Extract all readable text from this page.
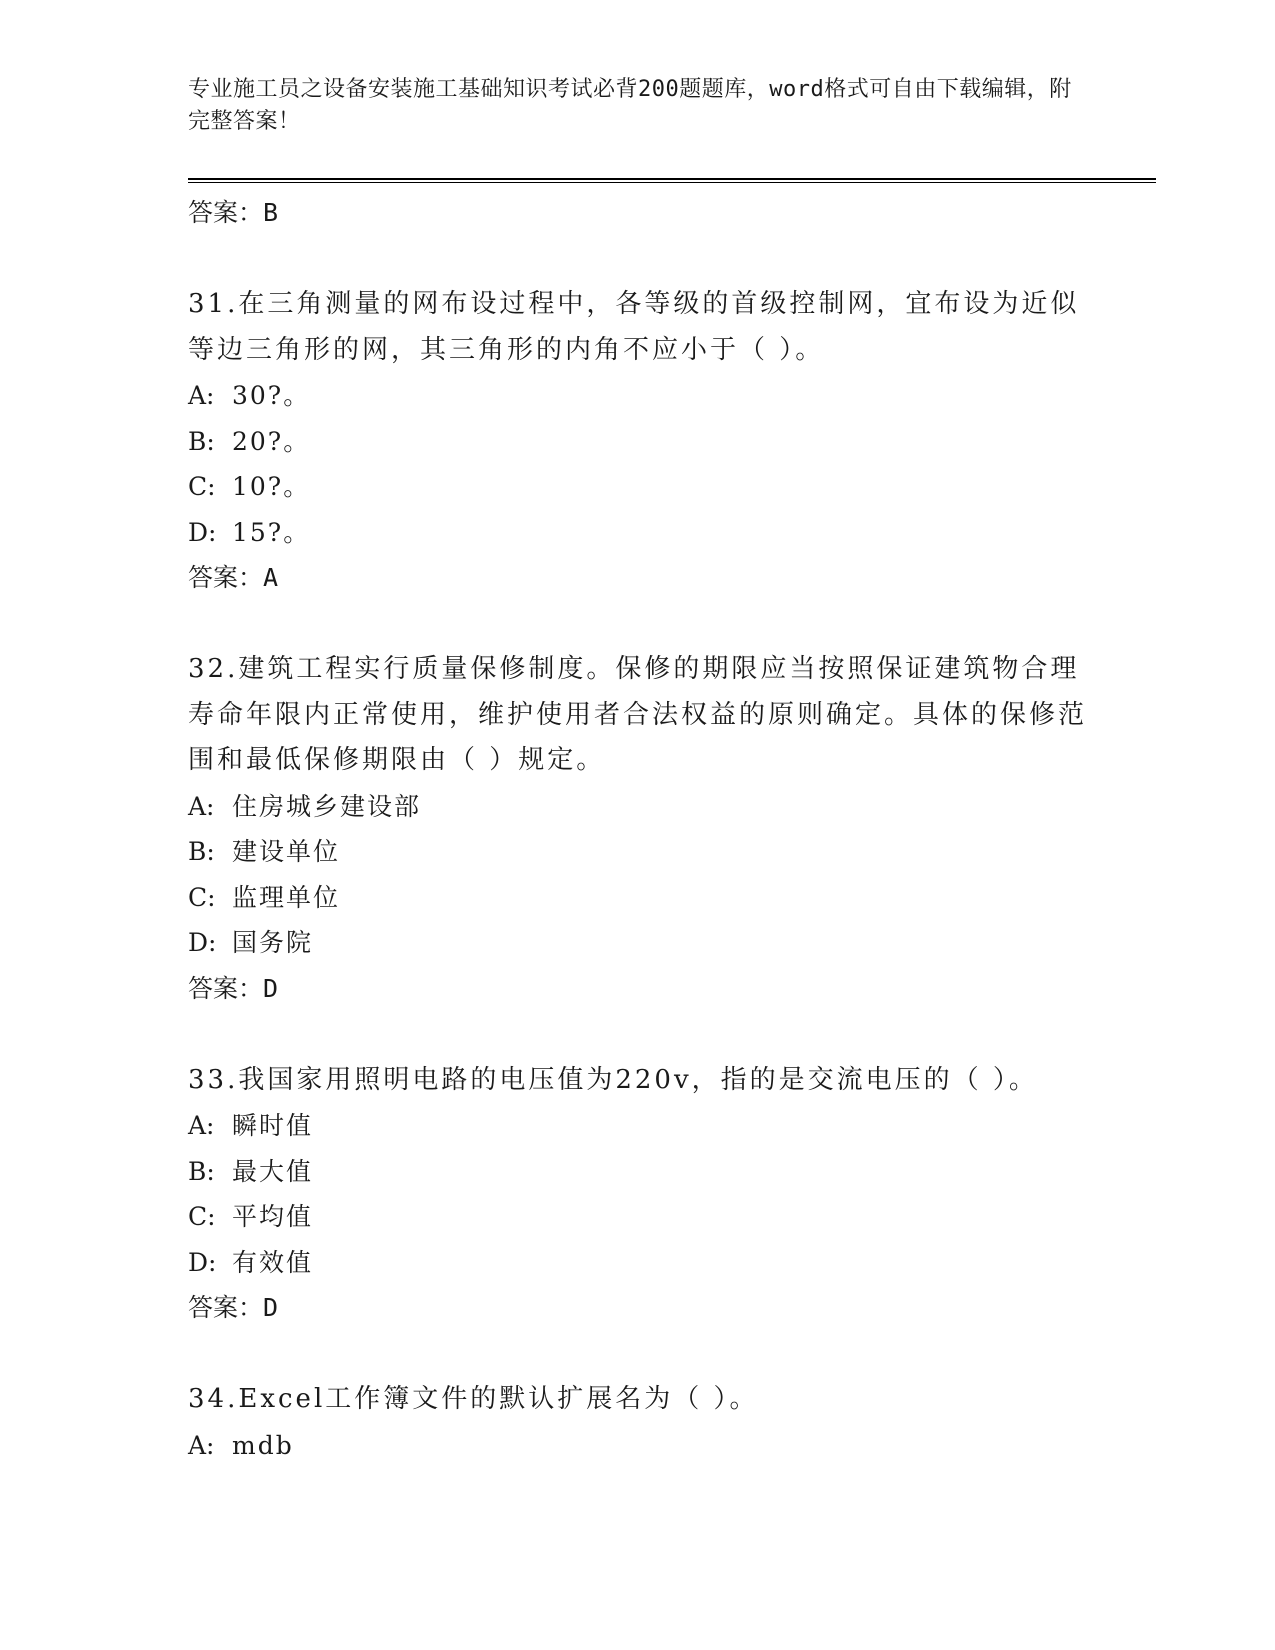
专业施工员之设备安装施工基础知识考试必背200题题库，word格式可自由下载编辑，附完整答案！
答案：B

31.在三角测量的网布设过程中，各等级的首级控制网，宜布设为近似等边三角形的网，其三角形的内角不应小于（ ）。

A: 30?。
B: 20?。
C: 10?。
D: 15?。
答案：A

32.建筑工程实行质量保修制度。保修的期限应当按照保证建筑物合理寿命年限内正常使用，维护使用者合法权益的原则确定。具体的保修范围和最低保修期限由（ ）规定。

A: 住房城乡建设部
B: 建设单位
C: 监理单位
D: 国务院
答案：D

33.我国家用照明电路的电压值为220v，指的是交流电压的（ ）。

A: 瞬时值
B: 最大值
C: 平均值
D: 有效值
答案：D

34.Excel工作簿文件的默认扩展名为（ ）。

A: mdb
